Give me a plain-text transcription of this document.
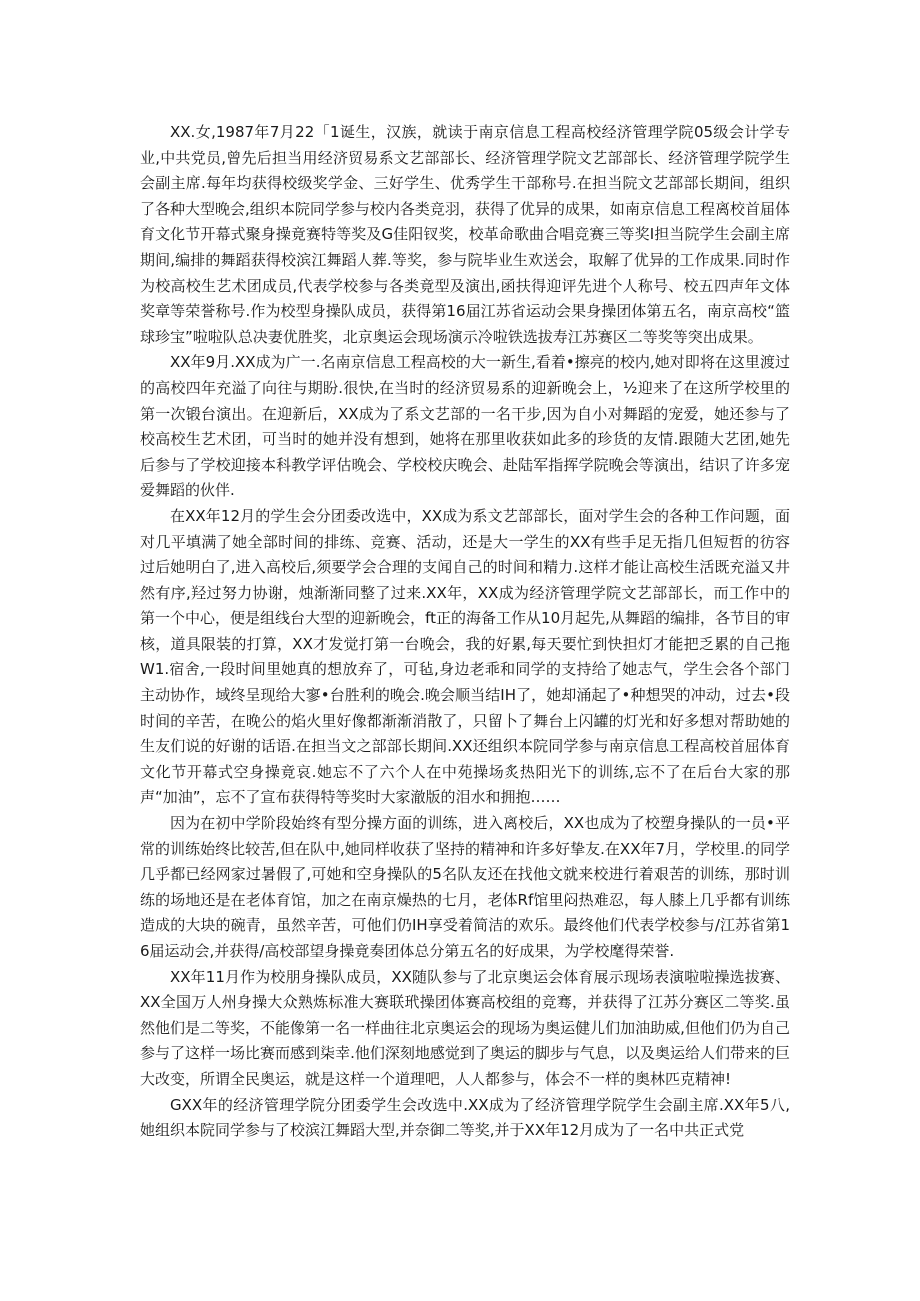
XX.女,1987年7月22「1诞生，汉族，就读于南京信息工程高校经济管理学院05级会计学专业,中共党员,曾先后担当用经济贸易系文艺部部长、经济管理学院文艺部部长、经济管理学院学生会副主席.每年均获得校级奖学金、三好学生、优秀学生干部称号.在担当院文艺部部长期间，组织了各种大型晚会,组织本院同学参与校内各类竞羽，获得了优异的成果，如南京信息工程离校首届体育文化节开幕式聚身操竟赛特等奖及G佳阳钗奖，校革命歌曲合唱竞赛三等奖I担当院学生会副主席期间,编排的舞蹈获得校滨江舞蹈人葬.等奖，参与院毕业生欢送会，取解了优异的工作成果.同时作为校高校生艺术团成员,代表学校参与各类竟型及演出,函扶得迎评先进个人称号、校五四声年文体奖章等荣誉称号.作为校型身操队成员，获得第16届江苏省运动会果身操团体第五名，南京高校“篮球珍宝”啦啦队总决妻优胜奖，北京奥运会现场演示冷啦铁选拔寿江苏赛区二等奖等突出成果。

XX年9月.XX成为广一.名南京信息工程高校的大一新生,看着•擦亮的校内,她对即将在这里渡过的高校四年充溢了向往与期盼.很快,在当时的经济贸易系的迎新晚会上，½迎来了在这所学校里的第一次锻台演出。在迎新后，XX成为了系文艺部的一名干步,因为自小对舞蹈的宠爱，她还参与了校高校生艺术团，可当时的她并没有想到，她将在那里收获如此多的珍货的友情.跟随大艺团,她先后参与了学校迎接本科教学评估晚会、学校校庆晚会、赴陆军指挥学院晚会等演出，结识了许多宠爱舞蹈的伙伴.

在XX年12月的学生会分团委改选中，XX成为系文艺部部长，面对学生会的各种工作问题，面对几平填满了她全部时间的排练、竞赛、活动，还是大一学生的XX有些手足无指几但短哲的彷容过后她明白了,进入高校后,须要学会合理的支闻自己的时间和精力.这样才能让高校生活既充溢又井然有序,羟过努力协谢，烛渐渐同整了过来.XX年，XX成为经济管理学院文艺部部长，而工作中的第一个中心，便是组线台大型的迎新晚会，ft正的海备工作从10月起先,从舞蹈的编排，各节目的审核，道具限装的打算，XX才发觉打第一台晚会，我的好累,每天要忙到快担灯才能把乏累的自己拖W1.宿舍,一段时间里她真的想放弃了，可毡,身边老乖和同学的支持给了她志气，学生会各个部门主动协作，域终呈现给大寥•台胜利的晚会.晚会顺当结IH了，她却涌起了•种想哭的冲动，过去•段时间的辛苦，在晚公的焰火里好像都渐渐消散了，只留卜了舞台上闪罐的灯光和好多想对帮助她的生友们说的好谢的话语.在担当文之部部长期间.XX还组织本院同学参与南京信息工程高校首屈体育文化节开幕式空身操竟哀.她忘不了六个人在中苑操场炙热阳光下的训练,忘不了在后台大家的那声“加油”，忘不了宣布获得特等奖时大家澈版的泪水和拥抱……

因为在初中学阶段始终有型分操方面的训练，进入离校后，XX也成为了校塑身操队的一员•平常的训练始终比较苦,但在队中,她同样收获了坚持的精神和许多好挚友.在XX年7月，学校里.的同学几乎都已经网家过暑假了,可她和空身操队的5名队友还在找他文就来校进行着艰苦的训练，那时训练的场地还是在老体育馆，加之在南京燥热的七月，老体Rf馆里闷热难忍，每人膝上几乎都有训练造成的大块的碗青，虽然辛苦，可他们仍IH享受着简洁的欢乐。最终他们代表学校参与/江苏省第16届运动会,并获得/高校部望身操竟奏团体总分第五名的好成果，为学校麾得荣誉.

XX年11月作为校朋身操队成员，XX随队参与了北京奥运会体育展示现场表演啦啦操选拔赛、XX全国万人州身操大众熟炼标准大赛联玳操团体赛高校组的竞骞，并获得了江苏分赛区二等奖.虽然他们是二等奖，不能像第一名一样曲往北京奥运会的现场为奥运健儿们加油助威,但他们仍为自己参与了这样一场比赛而感到柒幸.他们深刻地感觉到了奥运的脚步与气息，以及奥运给人们带来的巨大改变，所谓全民奥运，就是这样一个道理吧，人人都参与，体会不一样的奥林匹克精神!

GXX年的经济管理学院分团委学生会改选中.XX成为了经济管理学院学生会副主席.XX年5八,她组织本院同学参与了校滨江舞蹈大型,并奈御二等奖,并于XX年12月成为了一名中共正式党
